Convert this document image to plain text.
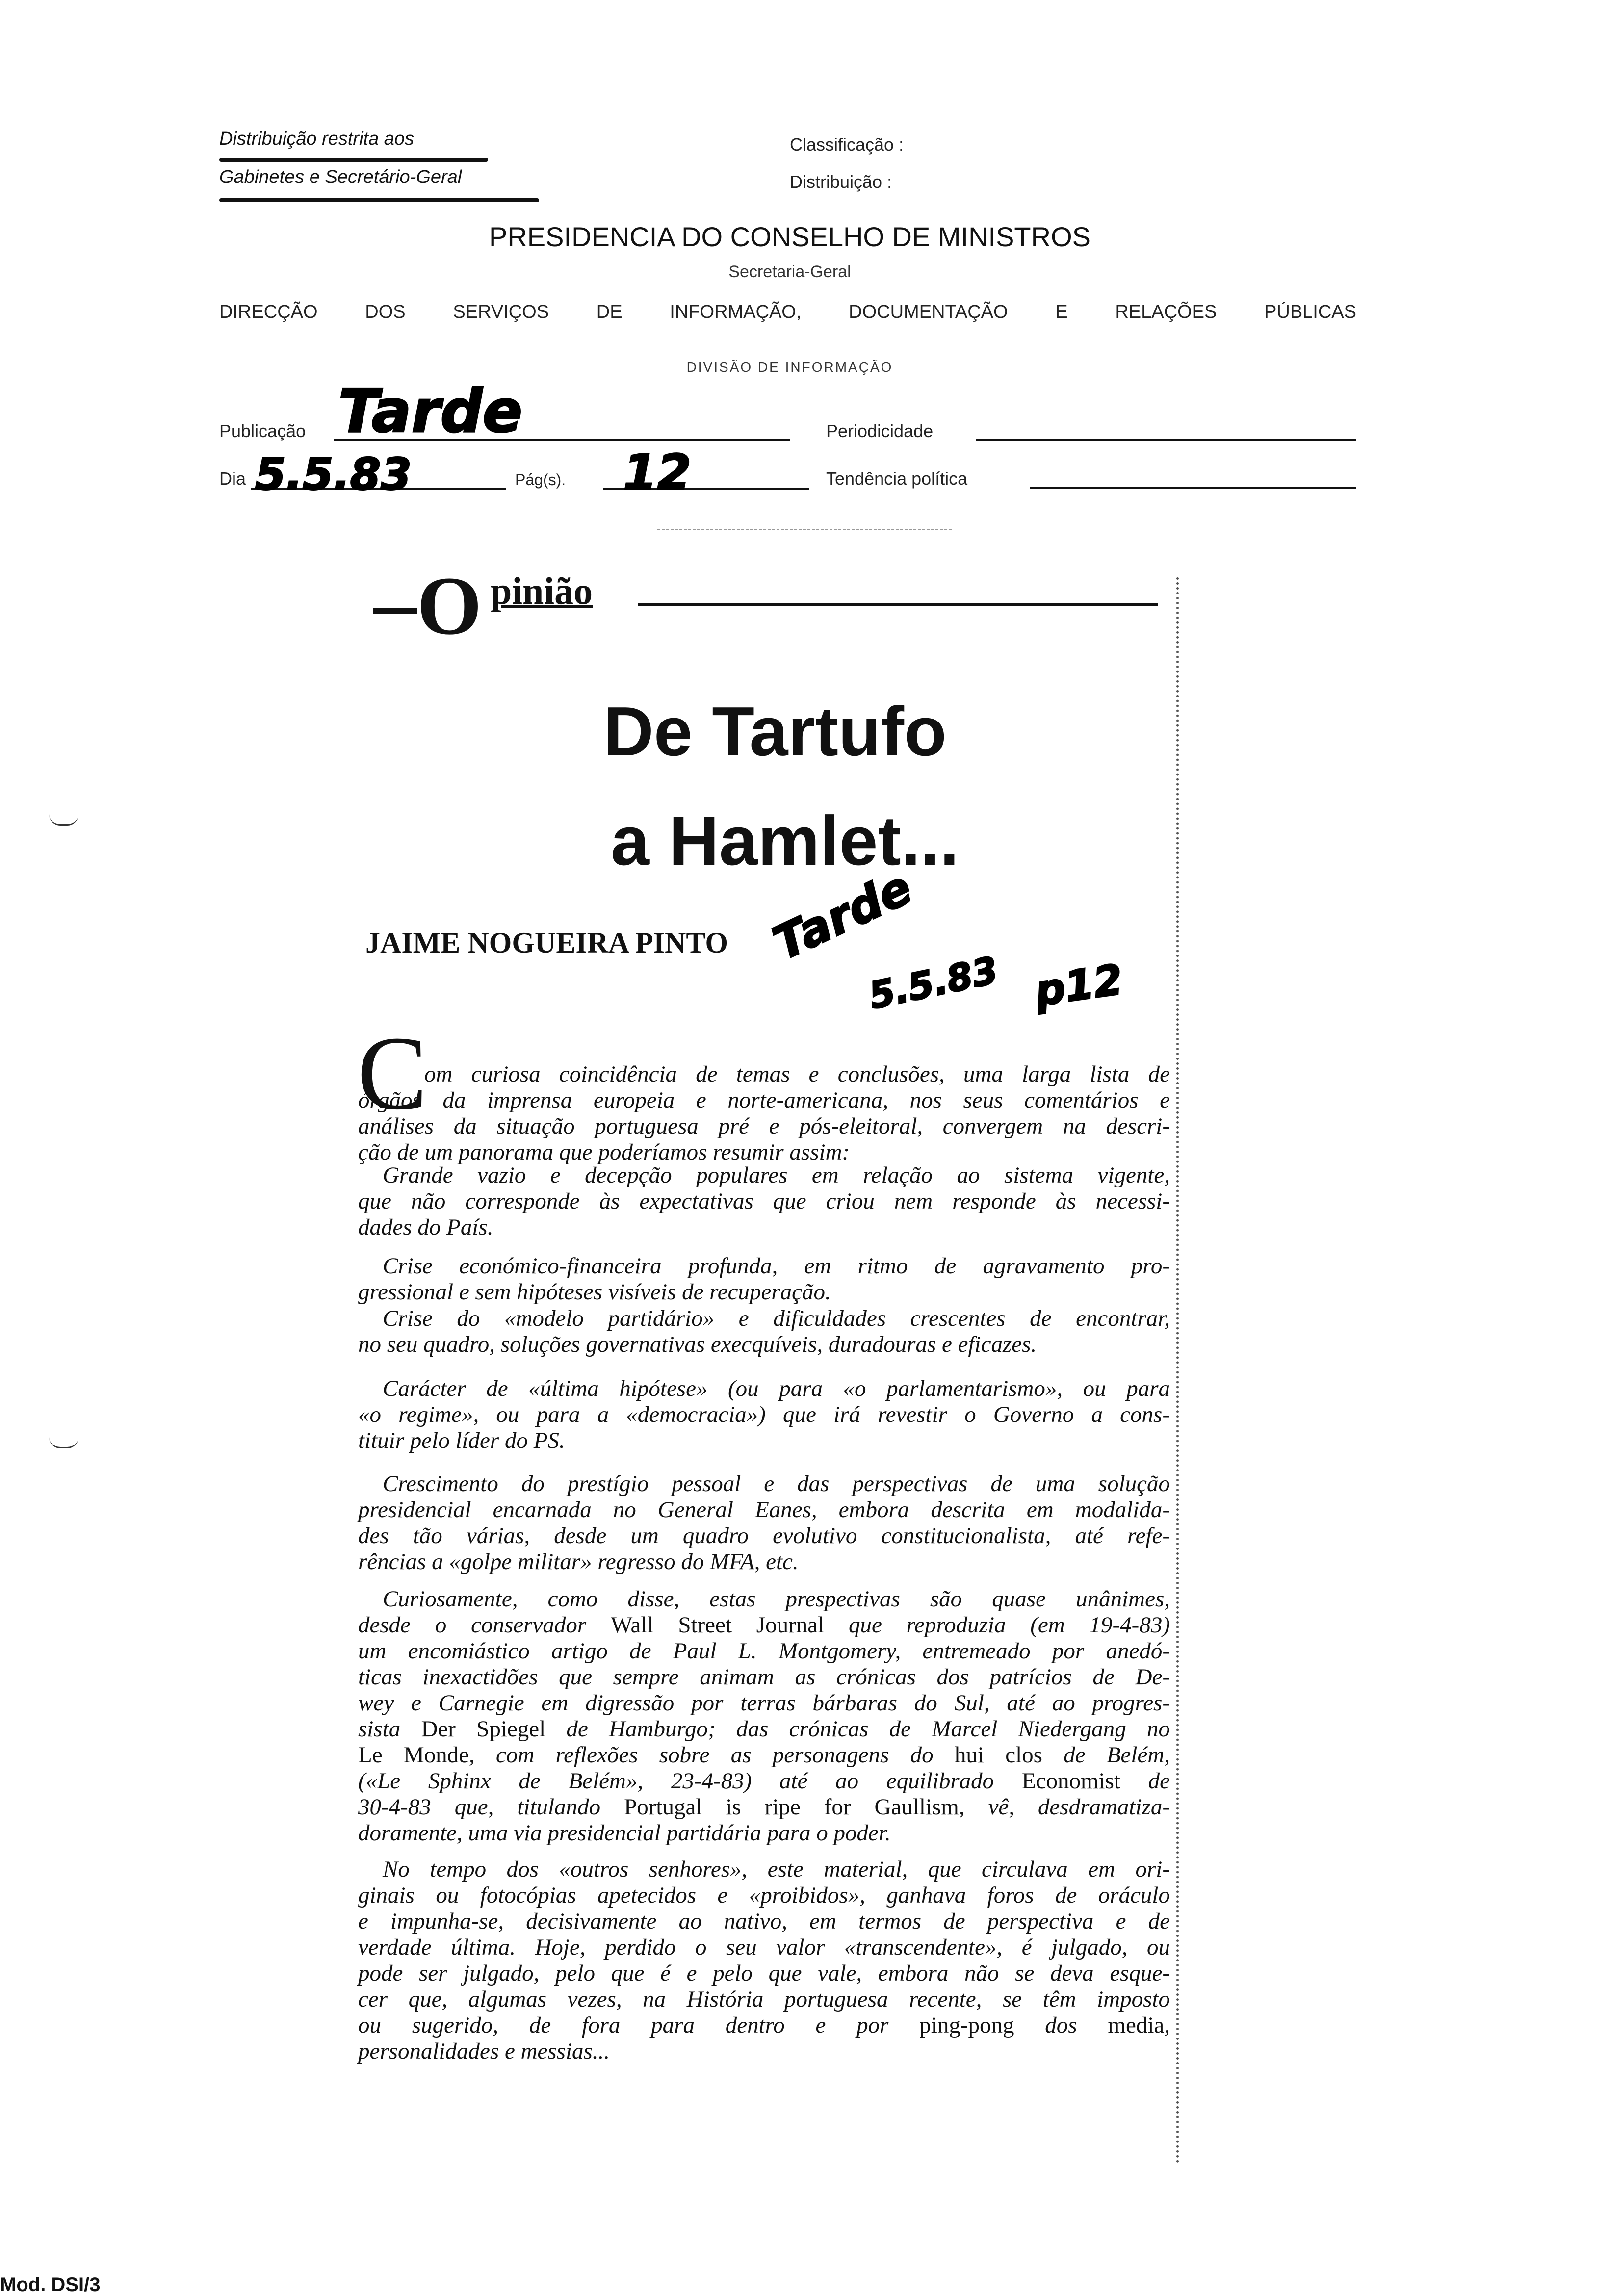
Distribuição restrita aos
Gabinetes e Secretário-Geral
Classificação :
Distribuição :
PRESIDENCIA DO CONSELHO DE MINISTROS
Secretaria-Geral
DIRECÇÃO DOS SERVIÇOS DE INFORMAÇÃO, DOCUMENTAÇÃO E RELAÇÕES PÚBLICAS
DIVISÃO DE INFORMAÇÃO
Publicação Tarde	Periodicidade
Dia 5.5.83	Pág(s). 12	Tendência política
O pinião
De Tartufo
a Hamlet...
JAIME NOGUEIRA PINTO Tarde
5.5.83 p12
C
om curiosa coincidência de temas e conclusões, uma larga lista de
órgãos da imprensa europeia e norte-americana, nos seus comentários e
análises da situação portuguesa pré e pós-eleitoral, convergem na descri-
ção de um panorama que poderíamos resumir assim:
Grande vazio e decepção populares em relação ao sistema vigente,
que não corresponde às expectativas que criou nem responde às necessi-
dades do País.
Crise económico-financeira profunda, em ritmo de agravamento pro-
gressional e sem hipóteses visíveis de recuperação.
Crise do «modelo partidário» e dificuldades crescentes de encontrar,
no seu quadro, soluções governativas execquíveis, duradouras e eficazes.
Carácter de «última hipótese» (ou para «o parlamentarismo», ou para
«o regime», ou para a «democracia») que irá revestir o Governo a cons-
tituir pelo líder do PS.
Crescimento do prestígio pessoal e das perspectivas de uma solução
presidencial encarnada no General Eanes, embora descrita em modalida-
des tão várias, desde um quadro evolutivo constitucionalista, até refe-
rências a «golpe militar» regresso do MFA, etc.
Curiosamente, como disse, estas prespectivas são quase unânimes,
desde o conservador Wall Street Journal que reproduzia (em 19-4-83)
um encomiástico artigo de Paul L. Montgomery, entremeado por anedó-
ticas inexactidões que sempre animam as crónicas dos patrícios de De-
wey e Carnegie em digressão por terras bárbaras do Sul, até ao progres-
sista Der Spiegel de Hamburgo; das crónicas de Marcel Niedergang no
Le Monde, com reflexões sobre as personagens do hui clos de Belém,
(«Le Sphinx de Belém», 23-4-83) até ao equilibrado Economist de
30-4-83 que, titulando Portugal is ripe for Gaullism, vê, desdramatiza-
doramente, uma via presidencial partidária para o poder.
No tempo dos «outros senhores», este material, que circulava em ori-
ginais ou fotocópias apetecidos e «proibidos», ganhava foros de oráculo
e impunha-se, decisivamente ao nativo, em termos de perspectiva e de
verdade última. Hoje, perdido o seu valor «transcendente», é julgado, ou
pode ser julgado, pelo que é e pelo que vale, embora não se deva esque-
cer que, algumas vezes, na História portuguesa recente, se têm imposto
ou sugerido, de fora para dentro e por ping-pong dos media,
personalidades e messias...
Mod. DSI/3
